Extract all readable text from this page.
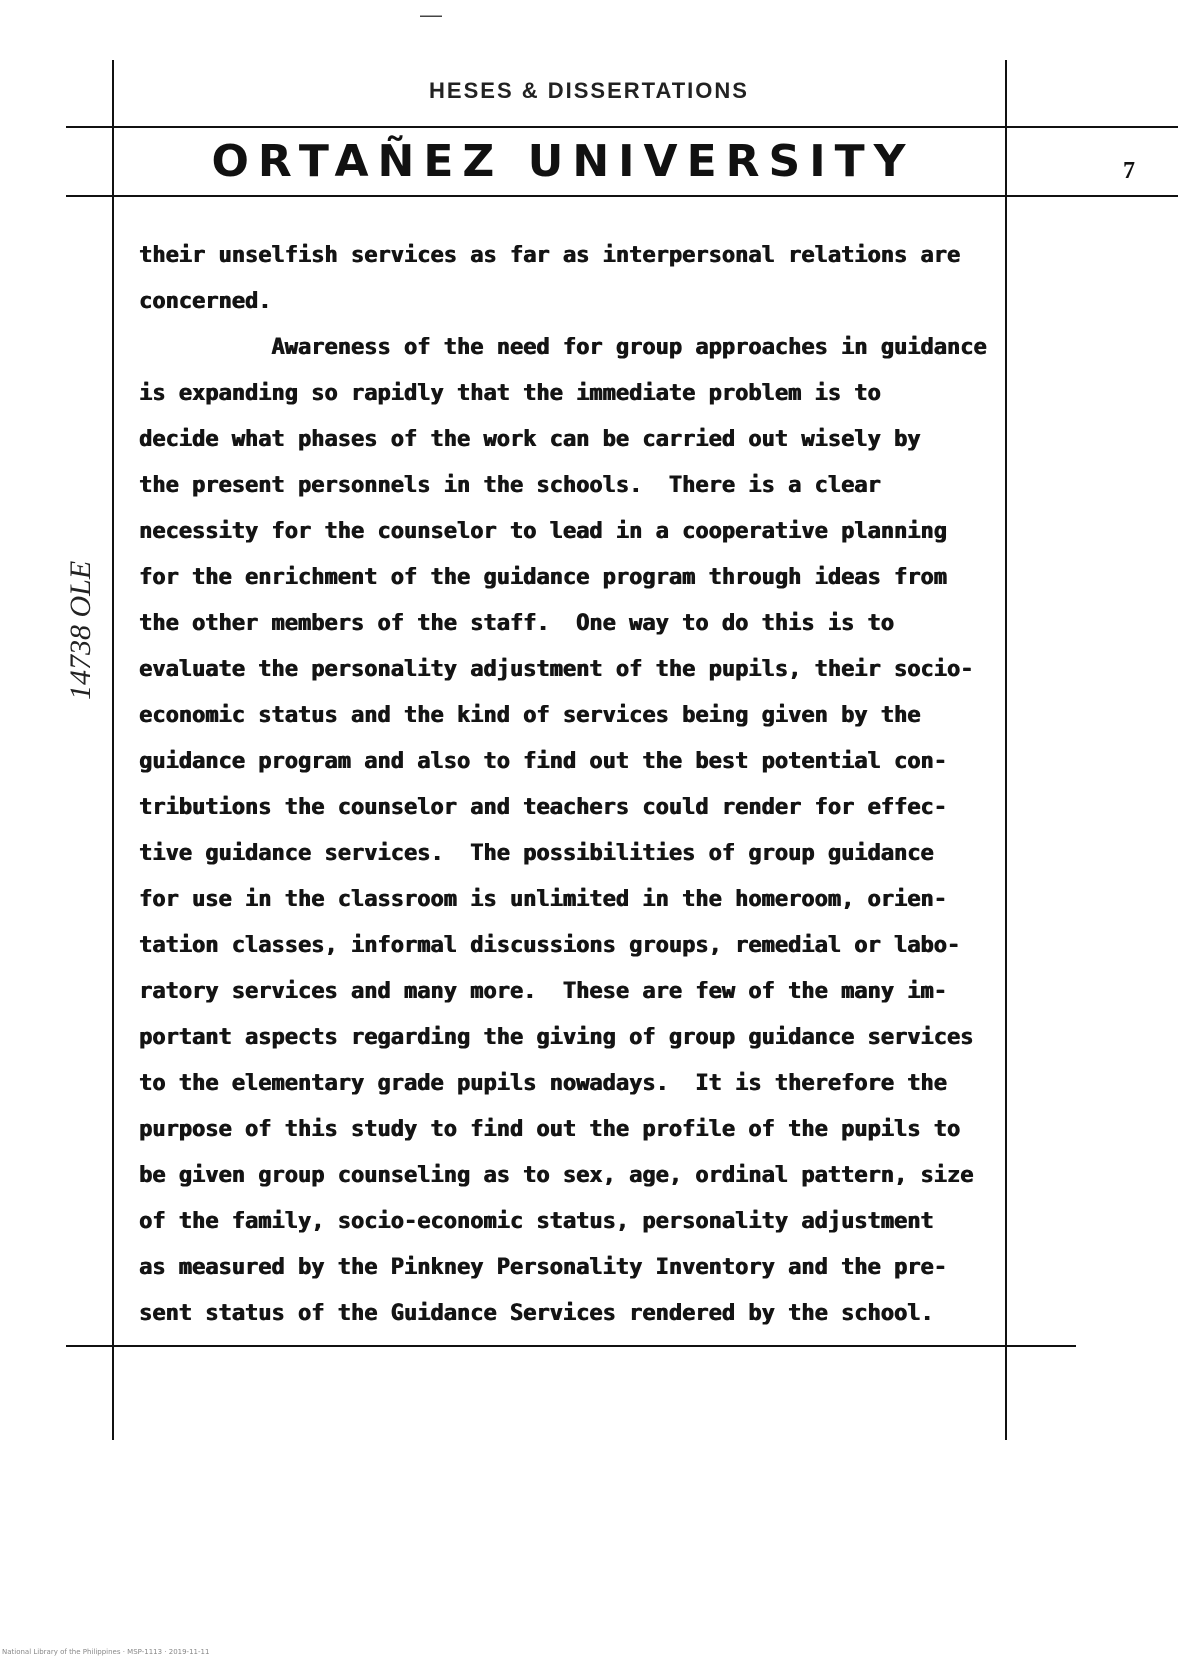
—
HESES & DISSERTATIONS
ORTAÑEZ UNIVERSITY	7
14738 OLE
their unselfish services as far as interpersonal relations are
concerned.
Awareness of the need for group approaches in guidance
is expanding so rapidly that the immediate problem is to
decide what phases of the work can be carried out wisely by
the present personnels in the schools.  There is a clear
necessity for the counselor to lead in a cooperative planning
for the enrichment of the guidance program through ideas from
the other members of the staff.  One way to do this is to
evaluate the personality adjustment of the pupils, their socio-
economic status and the kind of services being given by the
guidance program and also to find out the best potential con-
tributions the counselor and teachers could render for effec-
tive guidance services.  The possibilities of group guidance
for use in the classroom is unlimited in the homeroom, orien-
tation classes, informal discussions groups, remedial or labo-
ratory services and many more.  These are few of the many im-
portant aspects regarding the giving of group guidance services
to the elementary grade pupils nowadays.  It is therefore the
purpose of this study to find out the profile of the pupils to
be given group counseling as to sex, age, ordinal pattern, size
of the family, socio-economic status, personality adjustment
as measured by the Pinkney Personality Inventory and the pre-
sent status of the Guidance Services rendered by the school.
National Library of the Philippines · MSP-1113 · 2019-11-11
